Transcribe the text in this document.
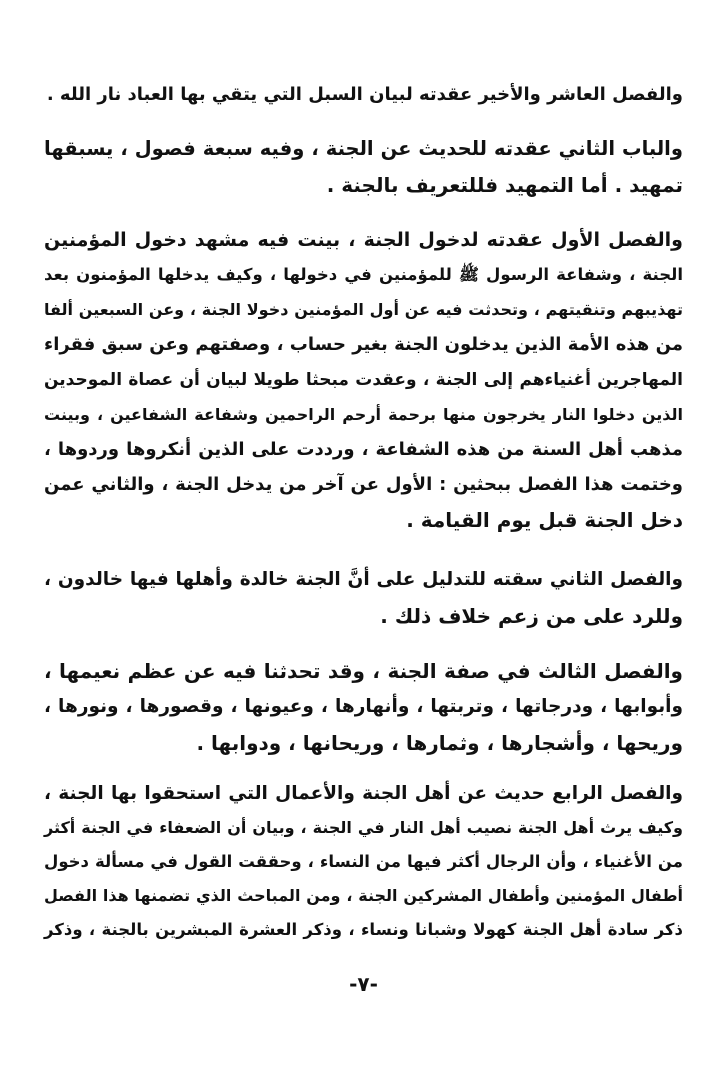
والفصل العاشر والأخير عقدته لبيان السبل التي يتقي بها العباد نار الله .
والباب الثاني عقدته للحديث عن الجنة ، وفيه سبعة فصول ، يسبقها
تمهيد . أما التمهيد فللتعريف بالجنة .
والفصل الأول عقدته لدخول الجنة ، بينت فيه مشهد دخول المؤمنين
الجنة ، وشفاعة الرسول ﷺ للمؤمنين في دخولها ، وكيف يدخلها المؤمنون بعد
تهذيبهم وتنقيتهم ، وتحدثت فيه عن أول المؤمنين دخولا الجنة ، وعن السبعين ألفا
من هذه الأمة الذين يدخلون الجنة بغير حساب ، وصفتهم وعن سبق فقراء
المهاجرين أغنياءهم إلى الجنة ، وعقدت مبحثا طويلا لبيان أن عصاة الموحدين
الذين دخلوا النار يخرجون منها برحمة أرحم الراحمين وشفاعة الشفاعين ، وبينت
مذهب أهل السنة من هذه الشفاعة ، ورددت على الذين أنكروها وردوها ،
وختمت هذا الفصل ببحثين : الأول عن آخر من يدخل الجنة ، والثاني عمن
دخل الجنة قبل يوم القيامة .
والفصل الثاني سقته للتدليل على أنَّ الجنة خالدة وأهلها فيها خالدون ،
وللرد على من زعم خلاف ذلك .
والفصل الثالث في صفة الجنة ، وقد تحدثنا فيه عن عظم نعيمها ،
وأبوابها ، ودرجاتها ، وتربتها ، وأنهارها ، وعيونها ، وقصورها ، ونورها ،
وريحها ، وأشجارها ، وثمارها ، وريحانها ، ودوابها .
والفصل الرابع حديث عن أهل الجنة والأعمال التي استحقوا بها الجنة ،
وكيف يرث أهل الجنة نصيب أهل النار في الجنة ، وبيان أن الضعفاء في الجنة أكثر
من الأغنياء ، وأن الرجال أكثر فيها من النساء ، وحققت القول في مسألة دخول
أطفال المؤمنين وأطفال المشركين الجنة ، ومن المباحث الذي تضمنها هذا الفصل
ذكر سادة أهل الجنة كهولا وشبانا ونساء ، وذكر العشرة المبشرين بالجنة ، وذكر
-٧-
